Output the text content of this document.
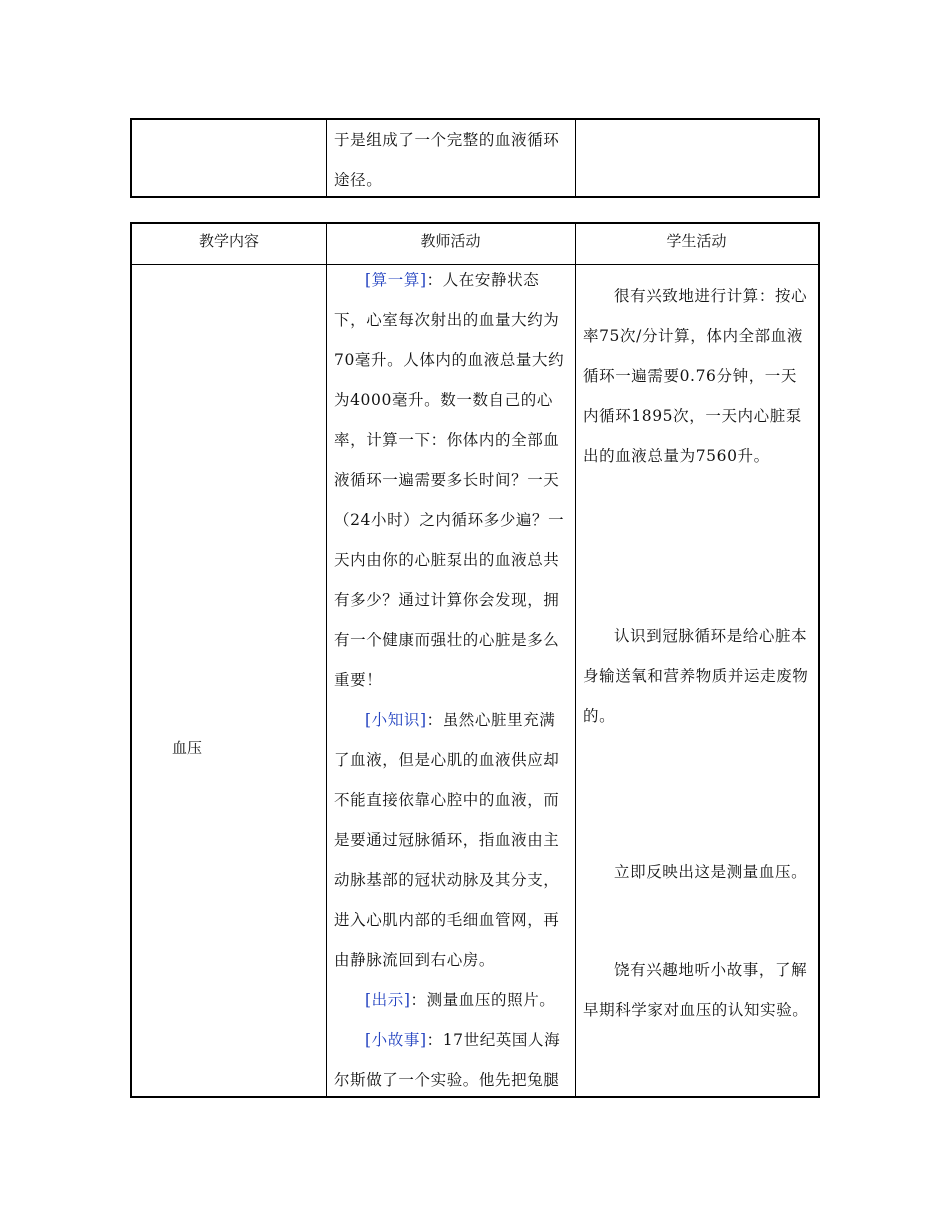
于是组成了一个完整的血液循环途径。
教学内容
血压
教师活动

[算一算]：人在安静状态下，心室每次射出的血量大约为70毫升。人体内的血液总量大约为4000毫升。数一数自己的心率，计算一下：你体内的全部血液循环一遍需要多长时间？一天（24小时）之内循环多少遍？一天内由你的心脏泵出的血液总共有多少？通过计算你会发现，拥有一个健康而强壮的心脏是多么重要！

[小知识]：虽然心脏里充满了血液，但是心肌的血液供应却不能直接依靠心腔中的血液，而是要通过冠脉循环，指血液由主动脉基部的冠状动脉及其分支，进入心肌内部的毛细血管网，再由静脉流回到右心房。

[出示]：测量血压的照片。

[小故事]：17世纪英国人海尔斯做了一个实验。他先把兔腿

学生活动

很有兴致地进行计算：按心率75次/分计算，体内全部血液循环一遍需要0.76分钟，一天内循环1895次，一天内心脏泵出的血液总量为7560升。

认识到冠脉循环是给心脏本身输送氧和营养物质并运走废物的。

立即反映出这是测量血压。

饶有兴趣地听小故事，了解早期科学家对血压的认知实验。
